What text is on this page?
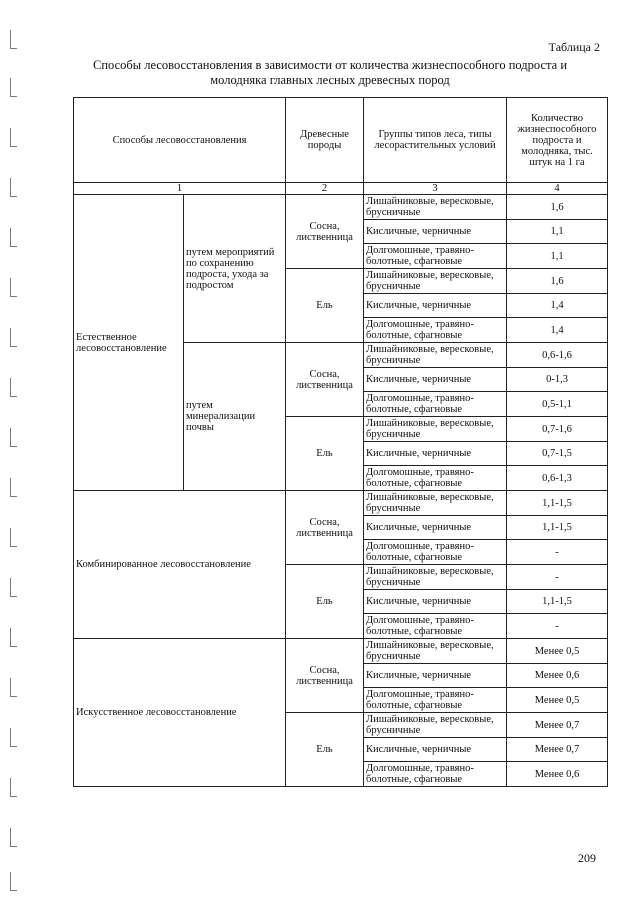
Таблица 2
Способы лесовосстановления в зависимости от количества жизнеспособного подроста и
молодняка главных лесных древесных пород
Способы лесовосстановления		Древесные породы	Группы типов леса, типы лесорастительных условий	Количество жизнеспособного подроста и молодняка, тыс. штук на 1 га
1		2	3	4
Естественное лесовосстановление	путем мероприятий по сохранению подроста, ухода за подростом	Сосна, лиственница	Лишайниковые, вересковые, брусничные	1,6
			Кисличные, черничные	1,1
			Долгомошные, травяно-болотные, сфагновые	1,1
		Ель	Лишайниковые, вересковые, брусничные	1,6
			Кисличные, черничные	1,4
			Долгомошные, травяно-болотные, сфагновые	1,4
	путем минерализации почвы	Сосна, лиственница	Лишайниковые, вересковые, брусничные	0,6-1,6
			Кисличные, черничные	0-1,3
			Долгомошные, травяно-болотные, сфагновые	0,5-1,1
		Ель	Лишайниковые, вересковые, брусничные	0,7-1,6
			Кисличные, черничные	0,7-1,5
			Долгомошные, травяно-болотные, сфагновые	0,6-1,3
Комбинированное лесовосстановление		Сосна, лиственница	Лишайниковые, вересковые, брусничные	1,1-1,5
			Кисличные, черничные	1,1-1,5
			Долгомошные, травяно-болотные, сфагновые	-
		Ель	Лишайниковые, вересковые, брусничные	-
			Кисличные, черничные	1,1-1,5
			Долгомошные, травяно-болотные, сфагновые	-
Искусственное лесовосстановление		Сосна, лиственница	Лишайниковые, вересковые, брусничные	Менее 0,5
			Кисличные, черничные	Менее 0,6
			Долгомошные, травяно-болотные, сфагновые	Менее 0,5
		Ель	Лишайниковые, вересковые, брусничные	Менее 0,7
			Кисличные, черничные	Менее 0,7
			Долгомошные, травяно-болотные, сфагновые	Менее 0,6
209
